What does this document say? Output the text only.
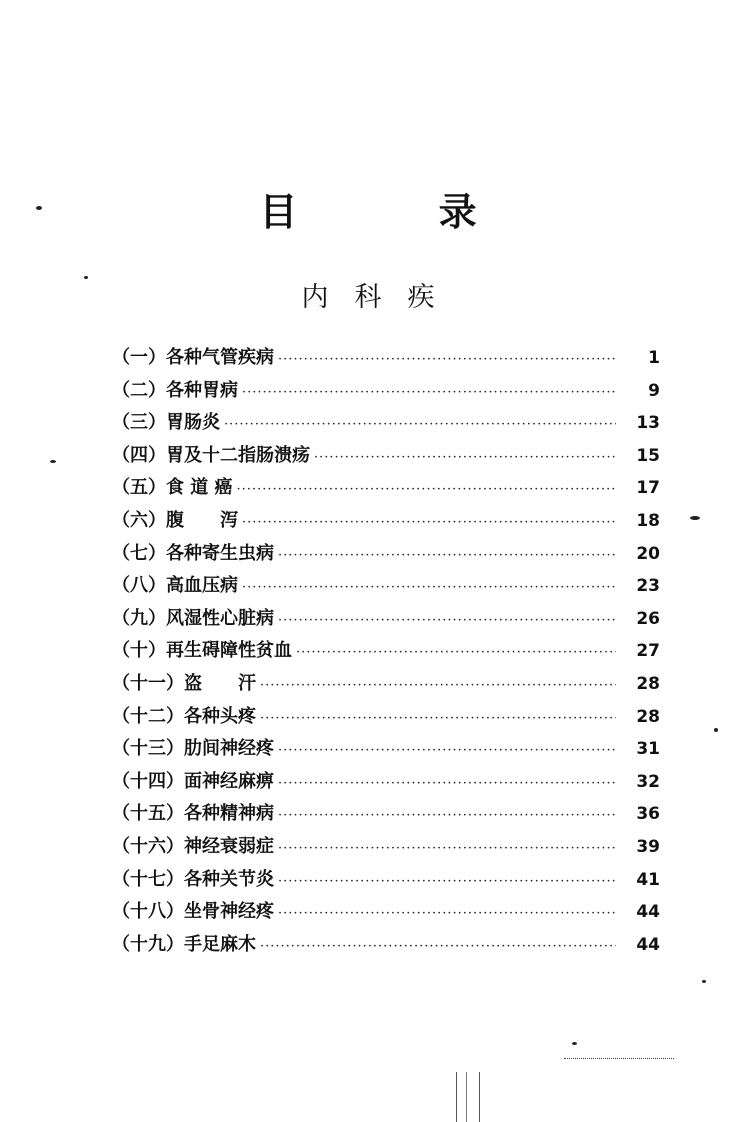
目 录
内科疾
（一） 各种气管疾病 ·····	1
（二） 各种胃病 ·····	9
（三） 胃肠炎 ·····	13
（四） 胃及十二指肠溃疡 ·····	15
（五） 食 道 癌 ·····	17
（六） 腹　　泻 ·····	18
（七） 各种寄生虫病 ·····	20
（八） 高血压病 ·····	23
（九） 风湿性心脏病 ·····	26
（十） 再生碍障性贫血 ·····	27
（十一） 盗　　汗 ·····	28
（十二） 各种头疼 ·····	28
（十三） 肋间神经疼 ·····	31
（十四） 面神经麻痹 ·····	32
（十五） 各种精神病 ·····	36
（十六） 神经衰弱症 ·····	39
（十七） 各种关节炎 ·····	41
（十八） 坐骨神经疼 ·····	44
（十九） 手足麻木 ·····	44
